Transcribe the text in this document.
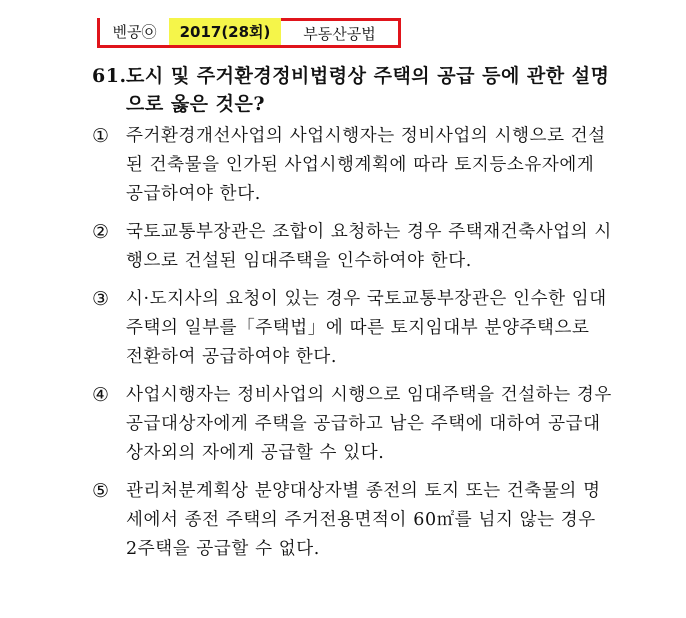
벤공㉧	2017(28회)	부동산공법
61. 도시 및 주거환경정비법령상 주택의 공급 등에 관한 설명으로 옳은 것은?
① 주거환경개선사업의 사업시행자는 정비사업의 시행으로 건설된 건축물을 인가된 사업시행계획에 따라 토지등소유자에게 공급하여야 한다.
② 국토교통부장관은 조합이 요청하는 경우 주택재건축사업의 시행으로 건설된 임대주택을 인수하여야 한다.
③ 시·도지사의 요청이 있는 경우 국토교통부장관은 인수한 임대주택의 일부를「주택법」에 따른 토지임대부 분양주택으로 전환하여 공급하여야 한다.
④ 사업시행자는 정비사업의 시행으로 임대주택을 건설하는 경우 공급대상자에게 주택을 공급하고 남은 주택에 대하여 공급대상자외의 자에게 공급할 수 있다.
⑤ 관리처분계획상 분양대상자별 종전의 토지 또는 건축물의 명세에서 종전 주택의 주거전용면적이 60㎡를 넘지 않는 경우 2주택을 공급할 수 없다.
